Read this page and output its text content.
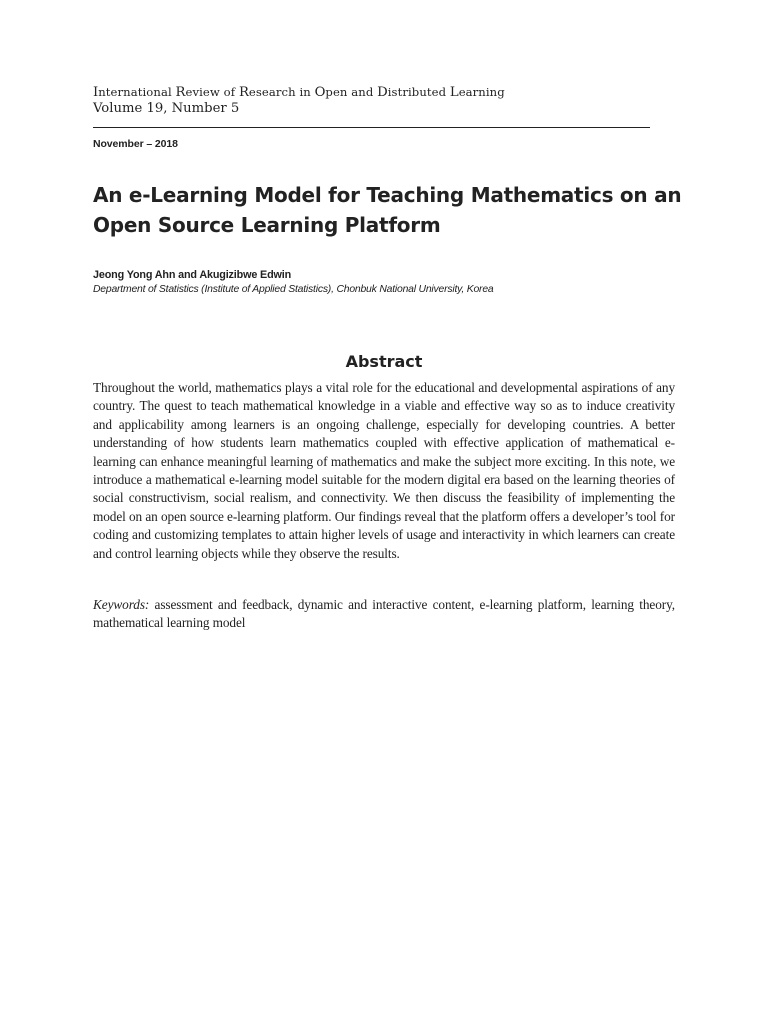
International Review of Research in Open and Distributed Learning
Volume 19, Number 5
November – 2018
An e-Learning Model for Teaching Mathematics on an Open Source Learning Platform
Jeong Yong Ahn and Akugizibwe Edwin
Department of Statistics (Institute of Applied Statistics), Chonbuk National University, Korea
Abstract

Throughout the world, mathematics plays a vital role for the educational and developmental aspirations of any country. The quest to teach mathematical knowledge in a viable and effective way so as to induce creativity and applicability among learners is an ongoing challenge, especially for developing countries. A better understanding of how students learn mathematics coupled with effective application of mathematical e-learning can enhance meaningful learning of mathematics and make the subject more exciting. In this note, we introduce a mathematical e-learning model suitable for the modern digital era based on the learning theories of social constructivism, social realism, and connectivity. We then discuss the feasibility of implementing the model on an open source e-learning platform. Our findings reveal that the platform offers a developer’s tool for coding and customizing templates to attain higher levels of usage and interactivity in which learners can create and control learning objects while they observe the results.

Keywords: assessment and feedback, dynamic and interactive content, e-learning platform, learning theory, mathematical learning model
